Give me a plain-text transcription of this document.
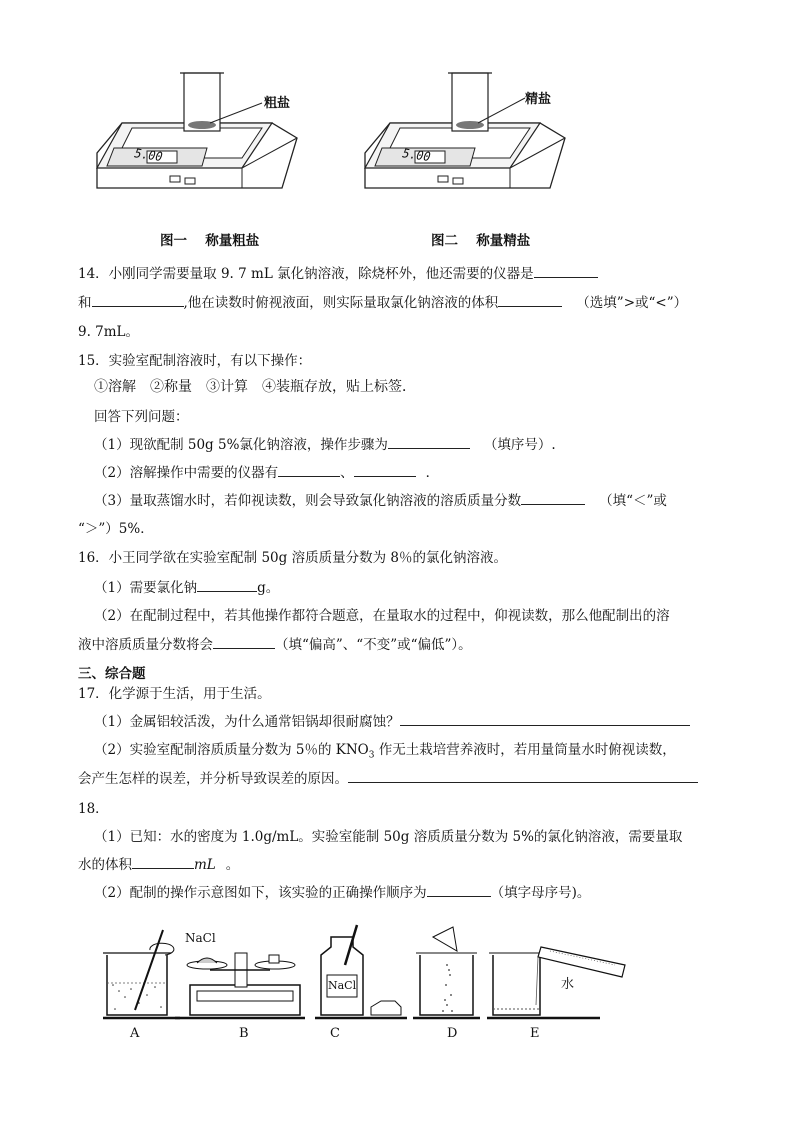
5.00
粗盐
图一　 称量粗盐
5.00
精盐
图二　 称量精盐
14．小刚同学需要量取 9. 7 mL 氯化钠溶液，除烧杯外，他还需要的仪器是
和	,他在读数时俯视液面，则实际量取氯化钠溶液的体积	（选填”>或“<”）
9. 7mL。
15．实验室配制溶液时，有以下操作：
①溶解　②称量　③计算　④装瓶存放，贴上标签．
回答下列问题：
（1）现欲配制 50g 5%氯化钠溶液，操作步骤为	（填序号）.
（2）溶解操作中需要的仪器有	、	．
（3）量取蒸馏水时，若仰视读数，则会导致氯化钠溶液的溶质质量分数	（填“＜”或
“＞”）5%．
16．小王同学欲在实验室配制 50g 溶质质量分数为 8％的氯化钠溶液。
（1）需要氯化钠	g。
（2）在配制过程中，若其他操作都符合题意，在量取水的过程中，仰视读数，那么他配制出的溶
液中溶质质量分数将会	（填“偏高”、“不变”或“偏低”）。
三、综合题
17．化学源于生活，用于生活。
（1）金属铝较活泼，为什么通常铝锅却很耐腐蚀？
（2）实验室配制溶质质量分数为 5％的 $KNO_3$ 作无土栽培营养液时，若用量筒量水时俯视读数，
会产生怎样的误差，并分析导致误差的原因。
18．
（1）已知：水的密度为 1.0g/mL。实验室能制 50g 溶质质量分数为 5%的氯化钠溶液，需要量取
水的体积	mL 。
（2）配制的操作示意图如下，该实验的正确操作顺序为	（填字母序号)。
NaCl
NaCl	水
A	B	C	D	E
